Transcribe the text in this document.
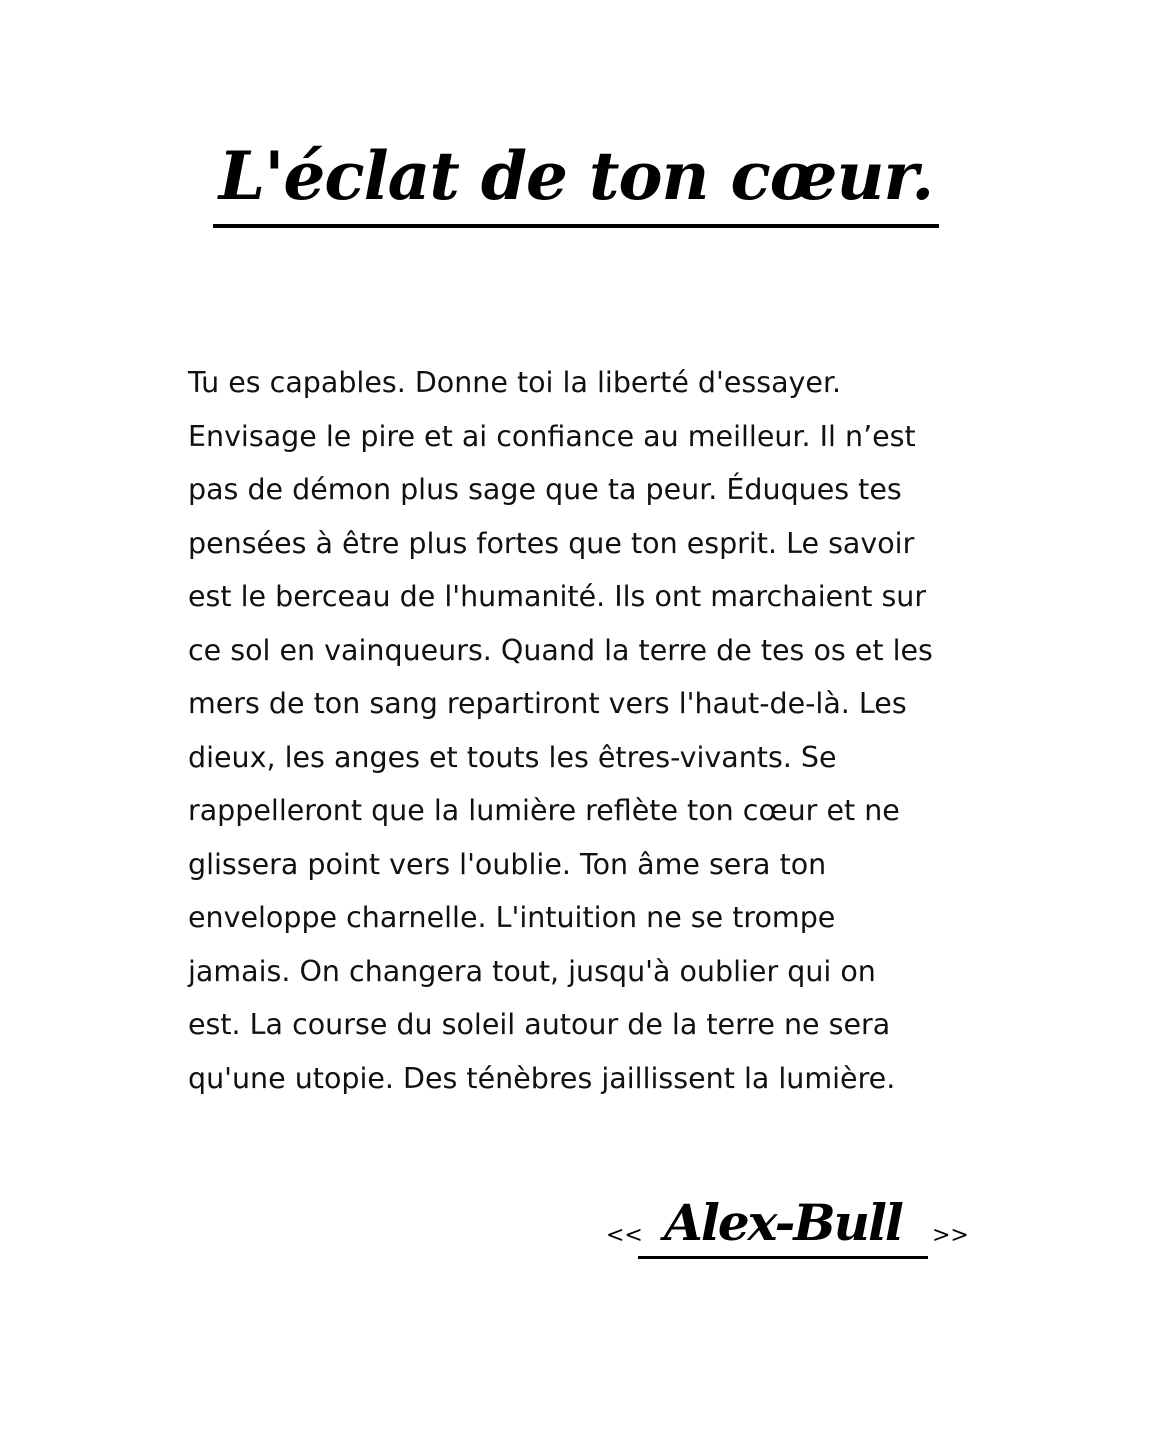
L'éclat de ton cœur.
Tu es capables. Donne toi la liberté d'essayer.
Envisage le pire et ai confiance au meilleur. Il n’est
pas de démon plus sage que ta peur. Éduques tes
pensées à être plus fortes que ton esprit. Le savoir
est le berceau de l'humanité. Ils ont marchaient sur
ce sol en vainqueurs. Quand la terre de tes os et les
mers de ton sang repartiront vers l'haut-de-là. Les
dieux, les anges et touts les êtres-vivants. Se
rappelleront que la lumière reflète ton cœur et ne
glissera point vers l'oublie. Ton âme sera ton
enveloppe charnelle. L'intuition ne se trompe
jamais. On changera tout, jusqu'à oublier qui on
est. La course du soleil autour de la terre ne sera
qu'une utopie. Des ténèbres jaillissent la lumière.
<< Alex-Bull	>>
